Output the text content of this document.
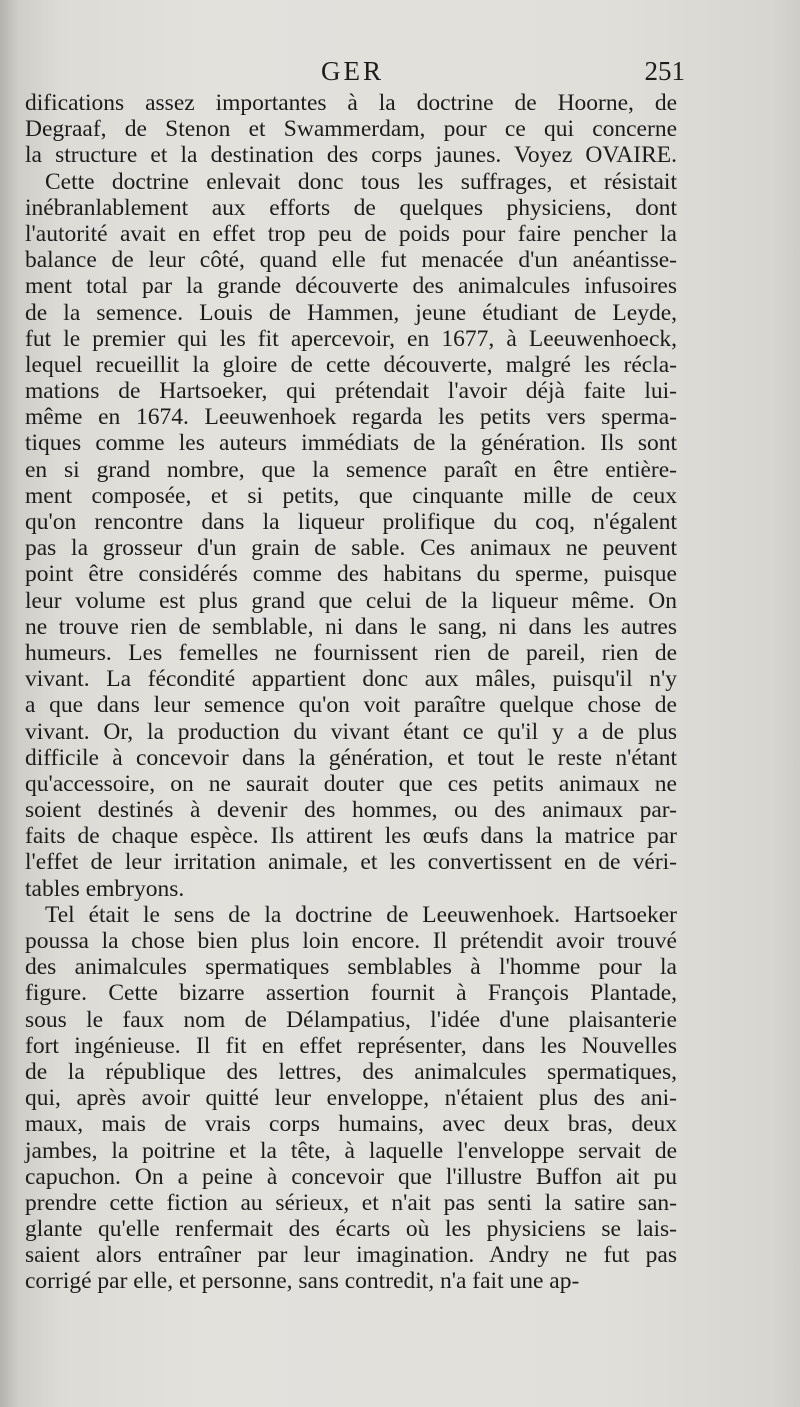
GER	251
difications assez importantes à la doctrine de Hoorne, de
Degraaf, de Stenon et Swammerdam, pour ce qui concerne
la structure et la destination des corps jaunes. Voyez OVAIRE.
Cette doctrine enlevait donc tous les suffrages, et résistait
inébranlablement aux efforts de quelques physiciens, dont
l'autorité avait en effet trop peu de poids pour faire pencher la
balance de leur côté, quand elle fut menacée d'un anéantisse-
ment total par la grande découverte des animalcules infusoires
de la semence. Louis de Hammen, jeune étudiant de Leyde,
fut le premier qui les fit apercevoir, en 1677, à Leeuwenhoeck,
lequel recueillit la gloire de cette découverte, malgré les récla-
mations de Hartsoeker, qui prétendait l'avoir déjà faite lui-
même en 1674. Leeuwenhoek regarda les petits vers sperma-
tiques comme les auteurs immédiats de la génération. Ils sont
en si grand nombre, que la semence paraît en être entière-
ment composée, et si petits, que cinquante mille de ceux
qu'on rencontre dans la liqueur prolifique du coq, n'égalent
pas la grosseur d'un grain de sable. Ces animaux ne peuvent
point être considérés comme des habitans du sperme, puisque
leur volume est plus grand que celui de la liqueur même. On
ne trouve rien de semblable, ni dans le sang, ni dans les autres
humeurs. Les femelles ne fournissent rien de pareil, rien de
vivant. La fécondité appartient donc aux mâles, puisqu'il n'y
a que dans leur semence qu'on voit paraître quelque chose de
vivant. Or, la production du vivant étant ce qu'il y a de plus
difficile à concevoir dans la génération, et tout le reste n'étant
qu'accessoire, on ne saurait douter que ces petits animaux ne
soient destinés à devenir des hommes, ou des animaux par-
faits de chaque espèce. Ils attirent les œufs dans la matrice par
l'effet de leur irritation animale, et les convertissent en de véri-
tables embryons.
Tel était le sens de la doctrine de Leeuwenhoek. Hartsoeker
poussa la chose bien plus loin encore. Il prétendit avoir trouvé
des animalcules spermatiques semblables à l'homme pour la
figure. Cette bizarre assertion fournit à François Plantade,
sous le faux nom de Délampatius, l'idée d'une plaisanterie
fort ingénieuse. Il fit en effet représenter, dans les Nouvelles
de la république des lettres, des animalcules spermatiques,
qui, après avoir quitté leur enveloppe, n'étaient plus des ani-
maux, mais de vrais corps humains, avec deux bras, deux
jambes, la poitrine et la tête, à laquelle l'enveloppe servait de
capuchon. On a peine à concevoir que l'illustre Buffon ait pu
prendre cette fiction au sérieux, et n'ait pas senti la satire san-
glante qu'elle renfermait des écarts où les physiciens se lais-
saient alors entraîner par leur imagination. Andry ne fut pas
corrigé par elle, et personne, sans contredit, n'a fait une ap-
